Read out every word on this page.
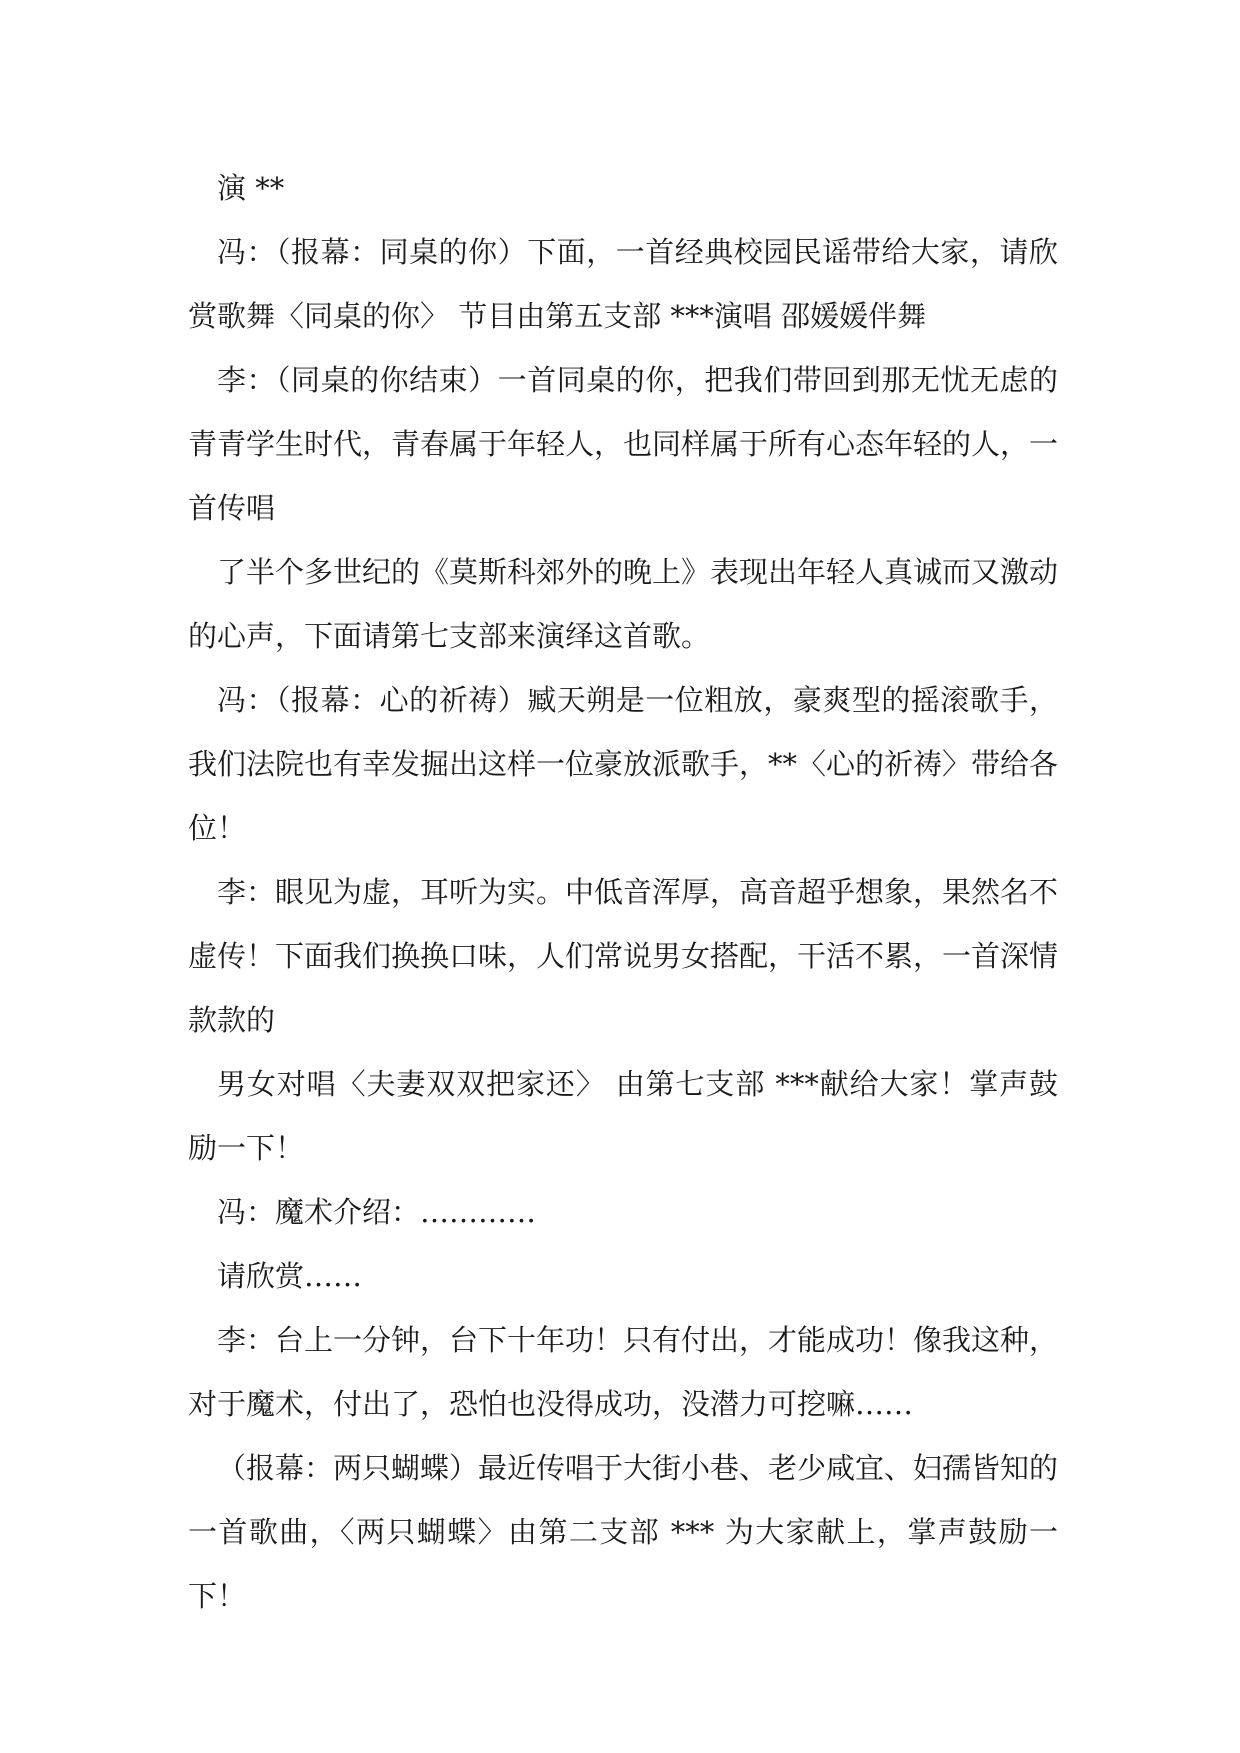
演 **

冯：（报幕：同桌的你）下面，一首经典校园民谣带给大家，请欣赏歌舞〈同桌的你〉 节目由第五支部 ***演唱 邵媛媛伴舞

李：（同桌的你结束）一首同桌的你，把我们带回到那无忧无虑的青青学生时代，青春属于年轻人，也同样属于所有心态年轻的人，一首传唱

了半个多世纪的《莫斯科郊外的晚上》表现出年轻人真诚而又激动的心声，下面请第七支部来演绎这首歌。

冯：（报幕：心的祈祷）臧天朔是一位粗放，豪爽型的摇滚歌手，我们法院也有幸发掘出这样一位豪放派歌手，**〈心的祈祷〉带给各位！

李：眼见为虚，耳听为实。中低音浑厚，高音超乎想象，果然名不虚传！下面我们换换口味，人们常说男女搭配，干活不累，一首深情款款的

男女对唱〈夫妻双双把家还〉 由第七支部 ***献给大家！掌声鼓励一下！

冯：魔术介绍：…………

请欣赏……

李：台上一分钟，台下十年功！只有付出，才能成功！像我这种，对于魔术，付出了，恐怕也没得成功，没潜力可挖嘛……

（报幕：两只蝴蝶）最近传唱于大街小巷、老少咸宜、妇孺皆知的一首歌曲，〈两只蝴蝶〉由第二支部 *** 为大家献上，掌声鼓励一下！
